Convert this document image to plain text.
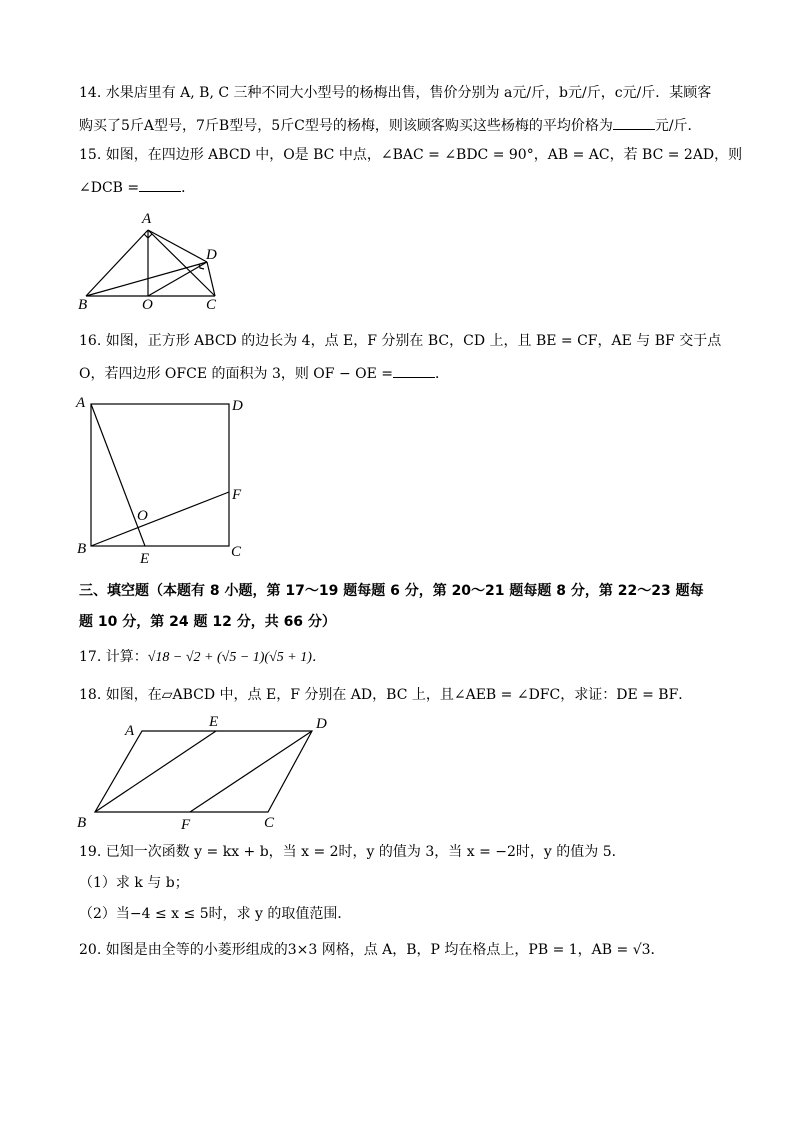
14. 水果店里有 A, B, C 三种不同大小型号的杨梅出售，售价分别为 a元/斤，b元/斤，c元/斤．某顾客
购买了5斤A型号，7斤B型号，5斤C型号的杨梅，则该顾客购买这些杨梅的平均价格为	元/斤．
15. 如图，在四边形 ABCD 中，O是 BC 中点，∠BAC = ∠BDC = 90°，AB = AC，若 BC = 2AD，则
∠DCB =	．
A
D
B	O	C
16. 如图，正方形 ABCD 的边长为 4，点 E，F 分别在 BC，CD 上，且 BE = CF，AE 与 BF 交于点
O，若四边形 OFCE 的面积为 3，则 OF − OE =	．
A	D
F
O
B
E	C
三、填空题（本题有 8 小题，第 17～19 题每题 6 分，第 20～21 题每题 8 分，第 22～23 题每
题 10 分，第 24 题 12 分，共 66 分）
17. 计算：√18 − √2 + (√5 − 1)(√5 + 1)．
18. 如图，在▱ABCD 中，点 E，F 分别在 AD，BC 上，且∠AEB = ∠DFC，求证：DE = BF．
A
E	D
B	F	C
19. 已知一次函数 y = kx + b，当 x = 2时，y 的值为 3，当 x = −2时，y 的值为 5．
（1）求 k 与 b；
（2）当−4 ≤ x ≤ 5时，求 y 的取值范围．
20. 如图是由全等的小菱形组成的3×3 网格，点 A，B，P 均在格点上，PB = 1，AB = √3．
